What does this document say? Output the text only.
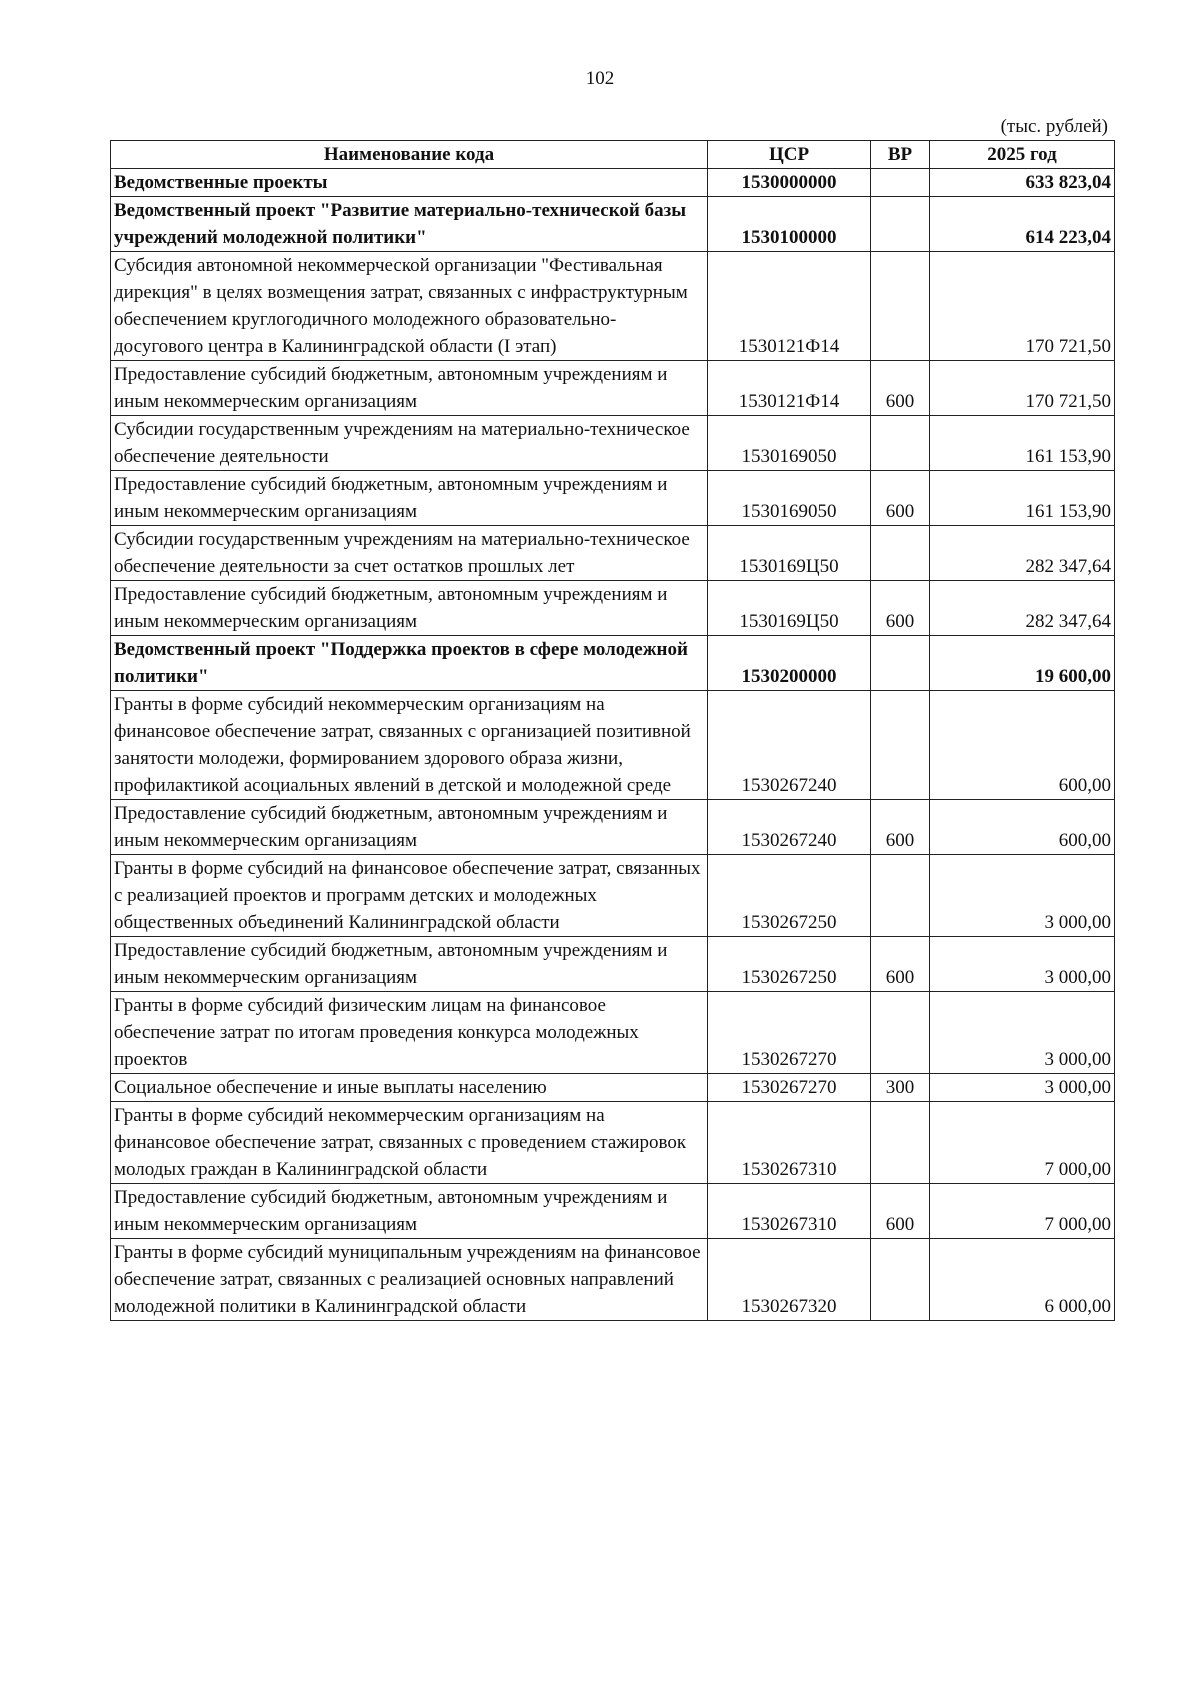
102
(тыс. рублей)
Наименование кода	ЦСР	ВР	2025 год
Ведомственные проекты	1530000000		633 823,04
Ведомственный проект "Развитие материально-технической базы учреждений молодежной политики"	1530100000		614 223,04
Субсидия автономной некоммерческой организации "Фестивальная дирекция" в целях возмещения затрат, связанных с инфраструктурным обеспечением круглогодичного молодежного образовательно-досугового центра в Калининградской области (I этап)	1530121Ф14		170 721,50
Предоставление субсидий бюджетным, автономным учреждениям и иным некоммерческим организациям	1530121Ф14	600	170 721,50
Субсидии государственным учреждениям на материально-техническое обеспечение деятельности	1530169050		161 153,90
Предоставление субсидий бюджетным, автономным учреждениям и иным некоммерческим организациям	1530169050	600	161 153,90
Субсидии государственным учреждениям на материально-техническое обеспечение деятельности за счет остатков прошлых лет	1530169Ц50		282 347,64
Предоставление субсидий бюджетным, автономным учреждениям и иным некоммерческим организациям	1530169Ц50	600	282 347,64
Ведомственный проект "Поддержка проектов в сфере молодежной политики"	1530200000		19 600,00
Гранты в форме субсидий некоммерческим организациям на финансовое обеспечение затрат, связанных с организацией позитивной занятости молодежи, формированием здорового образа жизни, профилактикой асоциальных явлений в детской и молодежной среде	1530267240		600,00
Предоставление субсидий бюджетным, автономным учреждениям и иным некоммерческим организациям	1530267240	600	600,00
Гранты в форме субсидий на финансовое обеспечение затрат, связанных с реализацией проектов и программ детских и молодежных общественных объединений Калининградской области	1530267250		3 000,00
Предоставление субсидий бюджетным, автономным учреждениям и иным некоммерческим организациям	1530267250	600	3 000,00
Гранты в форме субсидий физическим лицам на финансовое обеспечение затрат по итогам проведения конкурса молодежных проектов	1530267270		3 000,00
Социальное обеспечение и иные выплаты населению	1530267270	300	3 000,00
Гранты в форме субсидий некоммерческим организациям на финансовое обеспечение затрат, связанных с проведением стажировок молодых граждан в Калининградской области	1530267310		7 000,00
Предоставление субсидий бюджетным, автономным учреждениям и иным некоммерческим организациям	1530267310	600	7 000,00
Гранты в форме субсидий муниципальным учреждениям на финансовое обеспечение затрат, связанных с реализацией основных направлений молодежной политики в Калининградской области	1530267320		6 000,00
